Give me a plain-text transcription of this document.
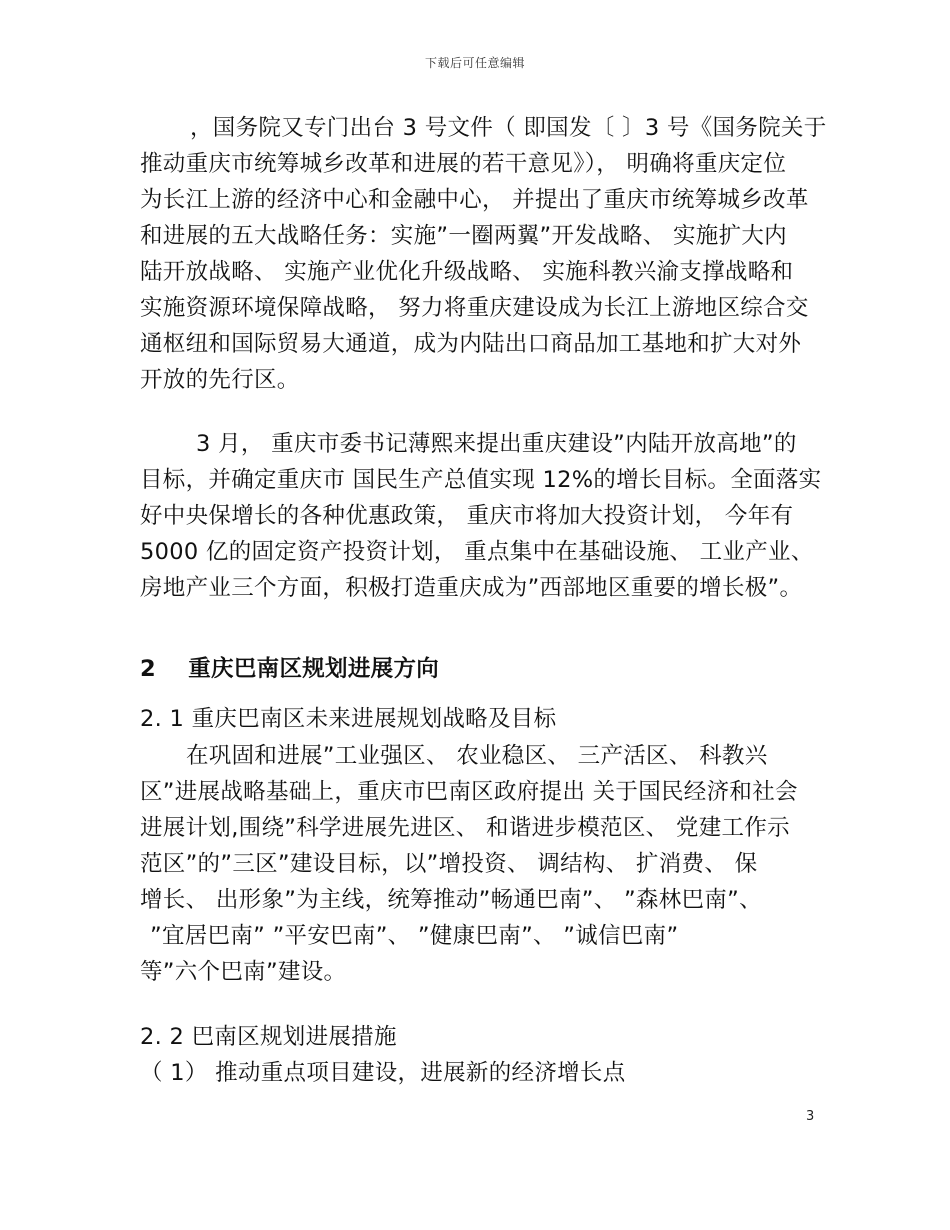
下载后可任意编辑
，国务院又专门出台 3 号文件（ 即国发〔 〕3 号《国务院关于
推动重庆市统筹城乡改革和进展的若干意见》）， 明确将重庆定位
为长江上游的经济中心和金融中心， 并提出了重庆市统筹城乡改革
和进展的五大战略任务：实施”一圈两翼”开发战略、 实施扩大内
陆开放战略、 实施产业优化升级战略、 实施科教兴渝支撑战略和
实施资源环境保障战略， 努力将重庆建设成为长江上游地区综合交
通枢纽和国际贸易大通道，成为内陆出口商品加工基地和扩大对外
开放的先行区。
3 月， 重庆市委书记薄熙来提出重庆建设”内陆开放高地”的
目标，并确定重庆市 国民生产总值实现 12%的增长目标。全面落实
好中央保增长的各种优惠政策， 重庆市将加大投资计划， 今年有
5000 亿的固定资产投资计划， 重点集中在基础设施、 工业产业、
房地产业三个方面，积极打造重庆成为”西部地区重要的增长极”。
2 重庆巴南区规划进展方向
2. 1 重庆巴南区未来进展规划战略及目标
在巩固和进展”工业强区、 农业稳区、 三产活区、 科教兴
区”进展战略基础上，重庆市巴南区政府提出 关于国民经济和社会
进展计划,围绕”科学进展先进区、 和谐进步模范区、 党建工作示
范区”的”三区”建设目标，以”增投资、 调结构、 扩消费、 保
增长、 出形象”为主线，统筹推动”畅通巴南”、 ”森林巴南”、
”宜居巴南” ”平安巴南”、 ”健康巴南”、 ”诚信巴南”
等”六个巴南”建设。
2. 2 巴南区规划进展措施
（ 1） 推动重点项目建设，进展新的经济增长点
3
